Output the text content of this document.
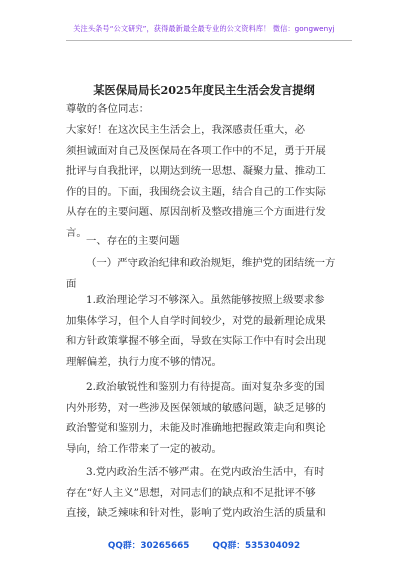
关注头条号“公文研究”，获得最新最全最专业的公文资料库！ 微信：gongwenyj
某医保局局长2025年度民主生活会发言提纲

尊敬的各位同志：

大家好！在这次民主生活会上，我深感责任重大，必

须担诚面对自己及医保局在各项工作中的不足，勇于开展

批评与自我批评，以期达到统一思想、凝聚力量、推动工

作的目的。下面，我围绕会议主题，结合自己的工作实际

从存在的主要问题、原因剖析及整改措施三个方面进行发

言。

一、存在的主要问题

（一）严守政治纪律和政治规矩，维护党的团结统一方

面

1.政治理论学习不够深入。虽然能够按照上级要求参

加集体学习，但个人自学时间较少，对党的最新理论成果

和方针政策掌握不够全面，导致在实际工作中有时会出现

理解偏差，执行力度不够的情况。

2.政治敏锐性和鉴别力有待提高。面对复杂多变的国

内外形势，对一些涉及医保领域的敏感问题，缺乏足够的

政治警觉和鉴别力，未能及时准确地把握政策走向和舆论

导向，给工作带来了一定的被动。

3.党内政治生活不够严肃。在党内政治生活中，有时

存在“好人主义”思想，对同志们的缺点和不足批评不够

直接，缺乏辣味和针对性，影响了党内政治生活的质量和

QQ群：30265665	QQ群：535304092
